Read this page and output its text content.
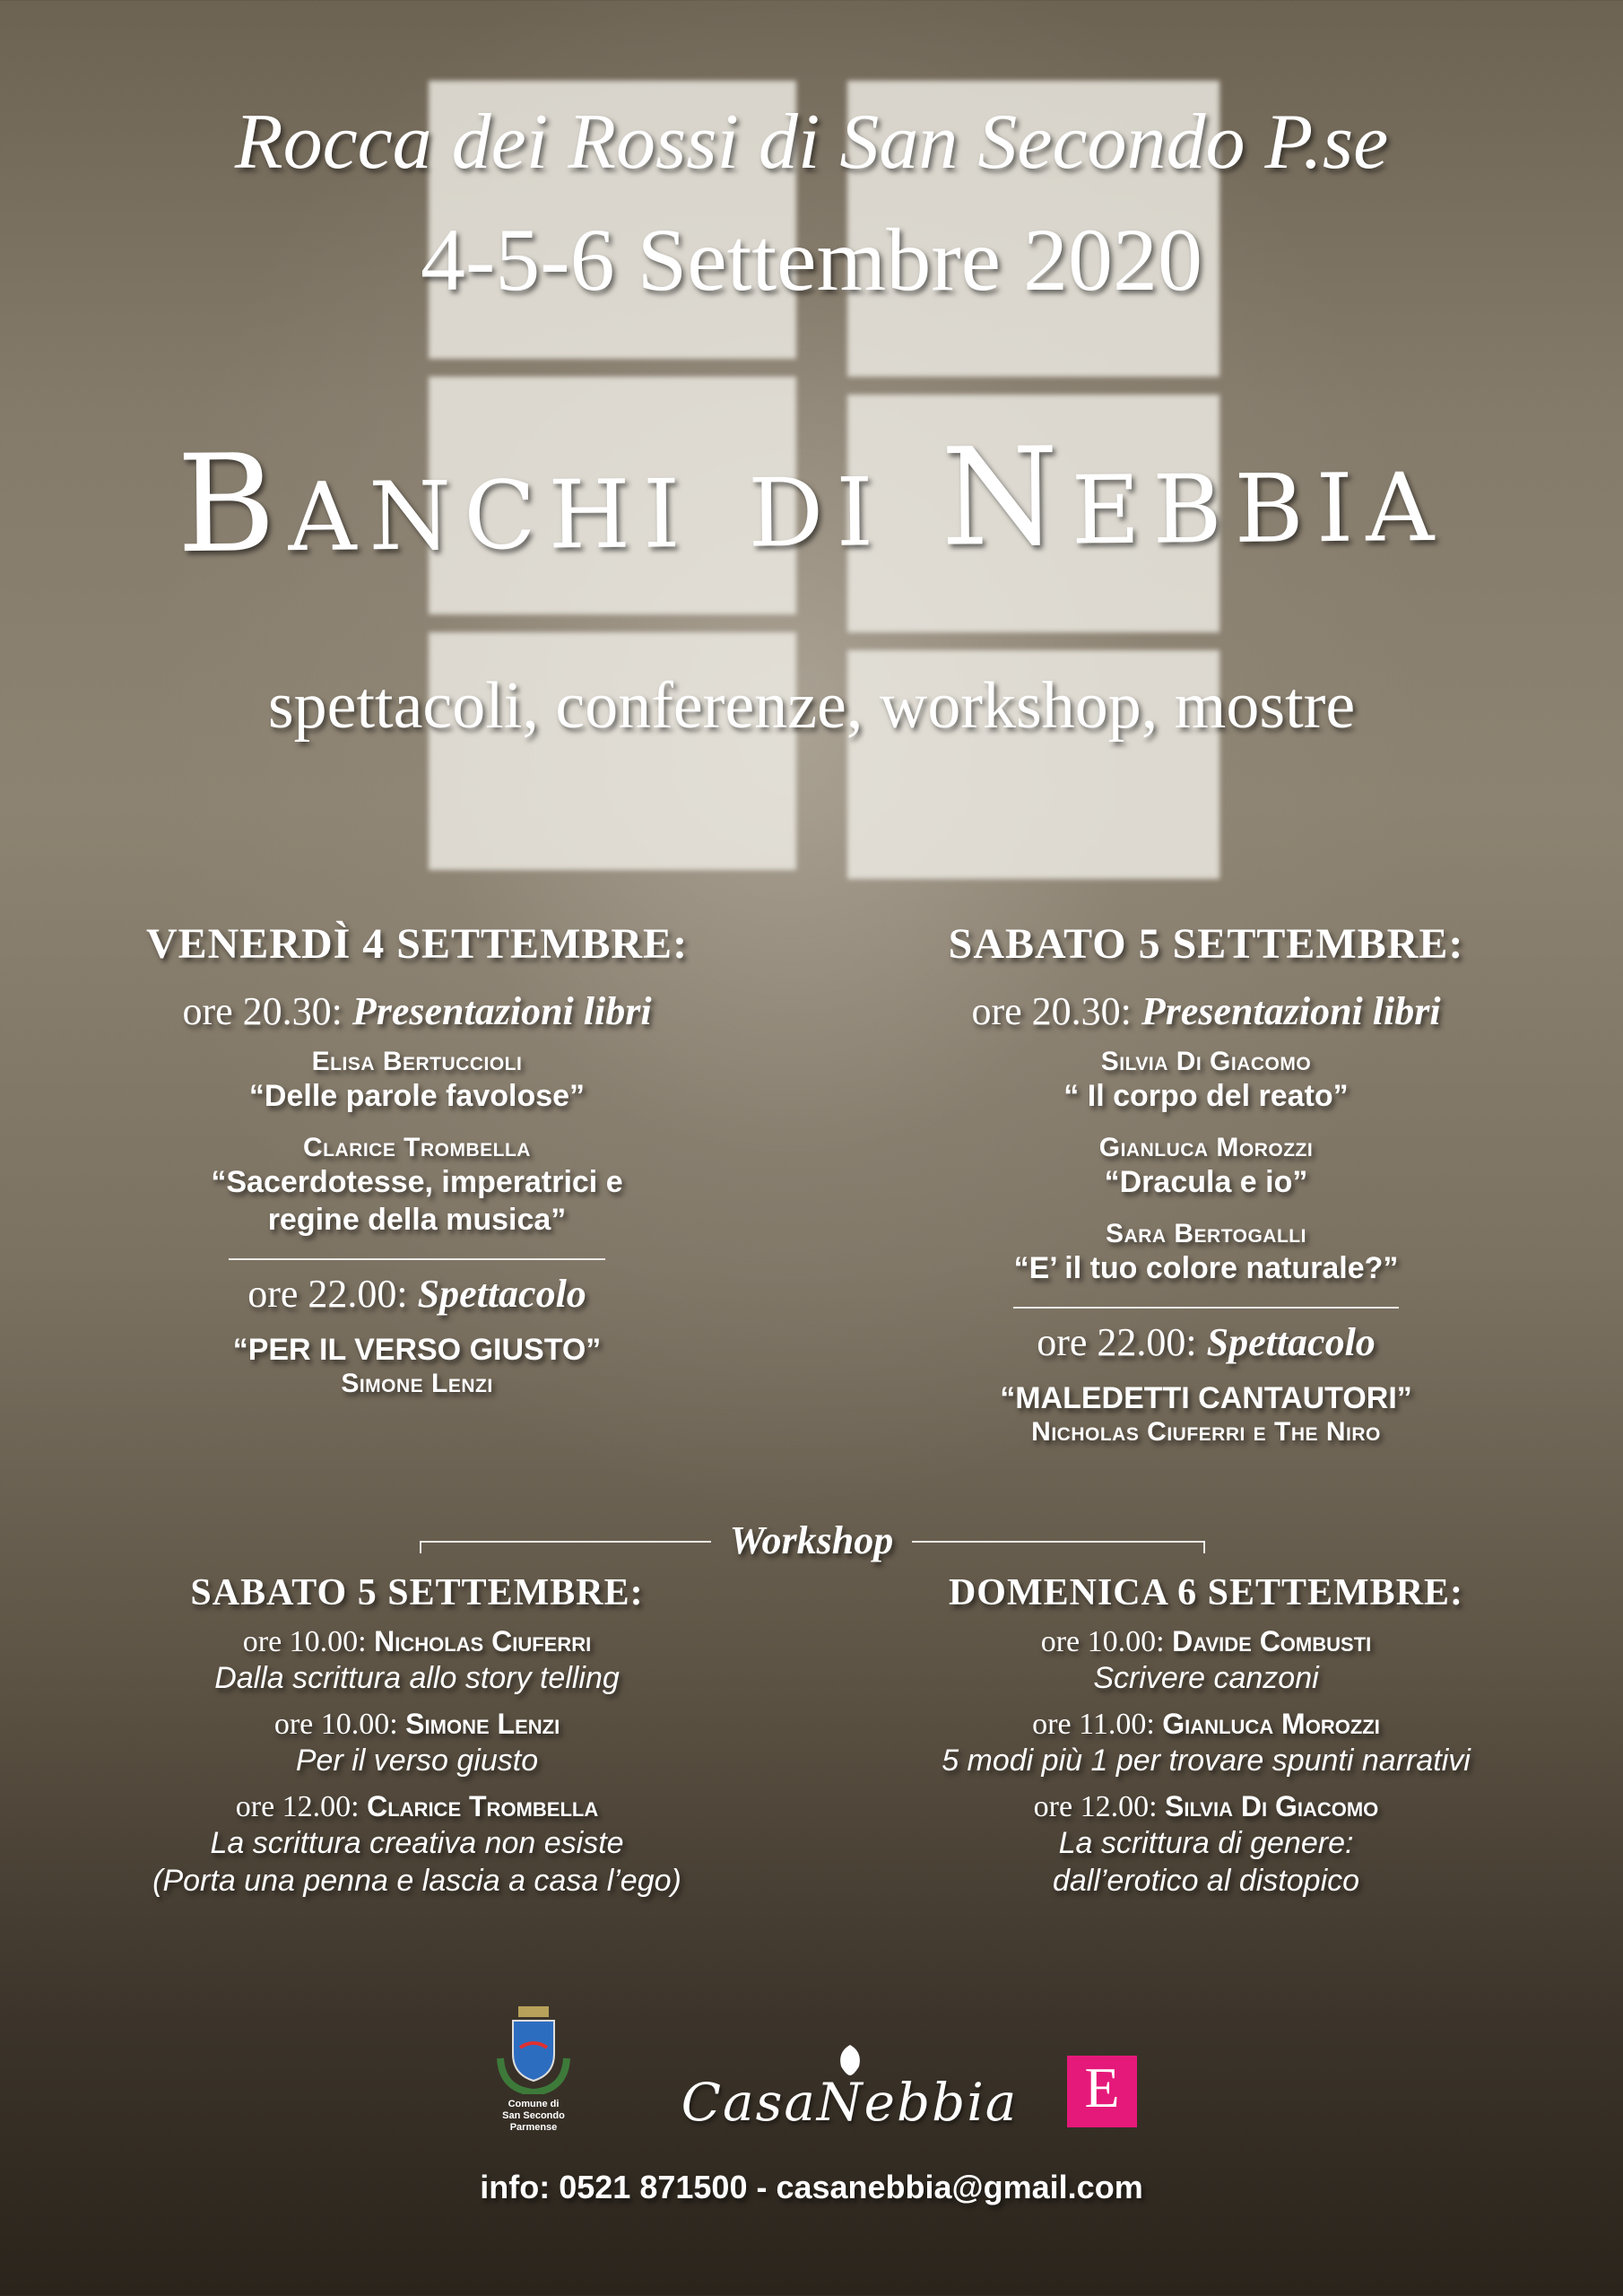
Rocca dei Rossi di San Secondo P.se
4-5-6 Settembre 2020
Banchi di Nebbia
spettacoli, conferenze, workshop, mostre
VENERDÌ 4 SETTEMBRE:
ore 20.30: Presentazioni libri
Elisa Bertuccioli
“Delle parole favolose”
Clarice Trombella
“Sacerdotesse, imperatrici e
regine della musica”
ore 22.00: Spettacolo
“PER IL VERSO GIUSTO”
Simone Lenzi
SABATO 5 SETTEMBRE:
ore 20.30: Presentazioni libri
Silvia Di Giacomo
“ Il corpo del reato”
Gianluca Morozzi
“Dracula e io”
Sara Bertogalli
“E’ il tuo colore naturale?”
ore 22.00: Spettacolo
“MALEDETTI CANTAUTORI”
Nicholas Ciuferri e The Niro
Workshop
SABATO 5 SETTEMBRE:
ore 10.00: Nicholas Ciuferri
Dalla scrittura allo story telling
ore 10.00: Simone Lenzi
Per il verso giusto
ore 12.00: Clarice Trombella
La scrittura creativa non esiste
(Porta una penna e lascia a casa l’ego)
DOMENICA 6 SETTEMBRE:
ore 10.00: Davide Combusti
Scrivere canzoni
ore 11.00: Gianluca Morozzi
5 modi più 1 per trovare spunti narrativi
ore 12.00: Silvia Di Giacomo
La scrittura di genere:
dall’erotico al distopico
Comune di
San Secondo Parmense	CasaNebbia	E
info: 0521 871500 - casanebbia@gmail.com
